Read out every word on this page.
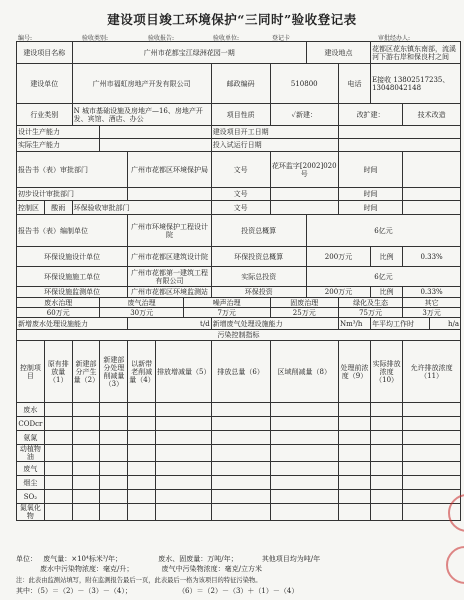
建设项目竣工环境保护“三同时”验收登记表
编号:	验收类别:	验收报告:	验收单位:	登记卡	审批经办人:
建设项目名称		广州市花都宝江绿洲花园一期							建设地点		花都区花东镇东南部，流溪河下游右岸和保良村之间		
建设单位		广州市福虹房地产开发有限公司					邮政编码	510800		电话	E接收 13802517235、13048042148		
行业类别		N 城市基础设施及房地产—16、房地产开发、宾馆、酒店、办公					项目性质	✓新建：		改扩建：		技术改造	
设计生产能力							建设项目开工日期						
实际生产能力							投入试运行日期						
报告书（表）审批部门				广州市花都区环境保护局			文号	花环监字[2002]020号		时间			
初步设计审批部门							文号			时间			
控制区	酸雨	环保验收审批部门					文号			时间			
报告书（表）编制单位				广州市环境保护工程设计院			投资总概算		6亿元				
环保设施设计单位				广州市花都区建筑设计院			环保投资总概算		200万元		比例	0.33%	
环保设施施工单位				广州市花都第一建筑工程有限公司			实际总投资		6亿元				
环保设施监测单位				广州市花都区环境监测站			环保投资		200万元		比例	0.33%	
废水治理			废气治理			噪声治理		固废治理		绿化及生态		其它	
60万元			30万元			7万元		25万元		75万元		3万元	
新增废水处理设施能力				t/d			新增废气处理设施能力			Nm³/h	年平均工作时		h/a
污染控制指标													
控制项目	原有排放量（1）	新建部分产生量（2）	新建部分处理削减量（3）	以新带老削减量（4）	排放增减量（5）		排放总量（6）	区域削减量（8）		处理前浓度（9）	实际排放浓度（10）	允许排放浓度（11）	
废水													
CODcr													
氨氮													
动植物油													
废气													
烟尘													
SO₂													
氮氧化物													
单位： 废气量：×10⁴标米³/年；	废水、固废量：万吨/年；	其他项目均为吨/年
废水中污染物浓度：毫克/升；	废气中污染物浓度：毫克/立方米
注：此表由监测站填写，附在监测报告最后一页，此表最后一格为该项目的特征污染物。
其中：（5）＝（2）－（3）－（4）；	（6）＝（2）－（3）＋（1）－（4）
